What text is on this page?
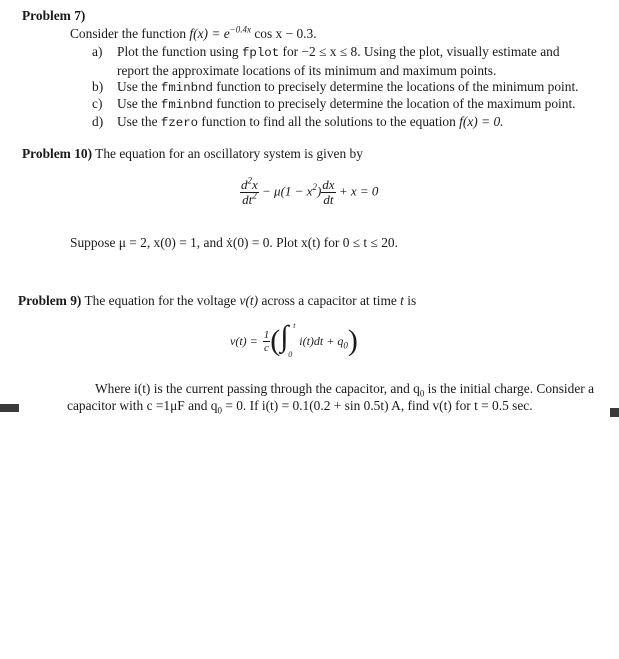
Problem 7)
Consider the function $f(x) = e^{-0.4x}$ cos x − 0.3.
a) Plot the function using fplot for −2 ≤ x ≤ 8. Using the plot, visually estimate and
report the approximate locations of its minimum and maximum points.
b) Use the fminbnd function to precisely determine the locations of the minimum point.
c) Use the fminbnd function to precisely determine the location of the maximum point.
d) Use the fzero function to find all the solutions to the equation f(x) = 0.
Problem 10) The equation for an oscillatory system is given by
$\frac{d^2x}{dt^2} - \mu(1 - x^2) \frac{dx}{dt} + x = 0$
Suppose μ = 2, x(0) = 1, and ẋ(0) = 0. Plot x(t) for 0 ≤ t ≤ 20.
Problem 9) The equation for the voltage v(t) across a capacitor at time t is
$v(t) = \frac{1}{c}$ ( ∫ t
0
$i(t)dt + q_0$)
Where i(t) is the current passing through the capacitor, and $q_0$ is the initial charge. Consider a
capacitor with c =1μF and $q_0 = 0$. If i(t) = 0.1(0.2 + sin 0.5t) A, find v(t) for t = 0.5 sec.
